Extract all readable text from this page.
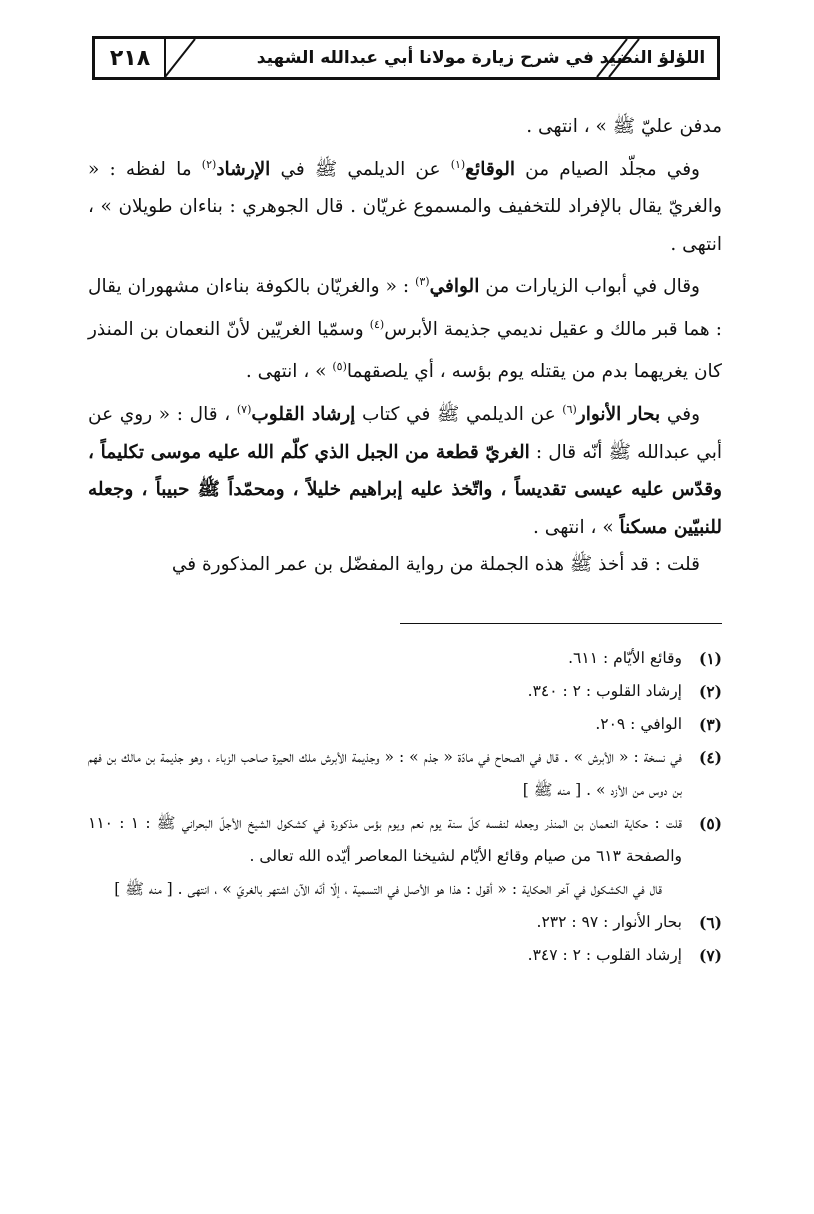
٢١٨	اللؤلؤ النضيد في شرح زيارة مولانا أبي عبدالله الشهيد

مدفن عليّ ﷺ » ، انتهى .

وفي مجلّد الصيام من الوقائع$^{(١)}$ عن الديلمي ﷺ في الإرشاد$^{(٢)}$ ما لفظه : « والغريّ يقال بالإفراد للتخفيف والمسموع غريّان . قال الجوهري : بناءان طويلان » ، انتهى .

وقال في أبواب الزيارات من الوافي$^{(٣)}$ : « والغريّان بالكوفة بناءان مشهوران يقال : هما قبر مالك و عقيل نديمي جذيمة الأبرس$^{(٤)}$ وسمّيا الغريّين لأنّ النعمان بن المنذر كان يغريهما بدم من يقتله يوم بؤسه ، أي يلصقهما$^{(٥)}$ » ، انتهى .

وفي بحار الأنوار$^{(٦)}$ عن الديلمي ﷺ في كتاب إرشاد القلوب$^{(٧)}$ ، قال : « روي عن أبي عبدالله ﷺ أنّه قال : الغريّ قطعة من الجبل الذي كلّم الله عليه موسى تكليماً ، وقدّس عليه عيسى تقديساً ، واتّخذ عليه إبراهيم خليلاً ، ومحمّداً ﷺ حبيباً ، وجعله للنبيّين مسكناً » ، انتهى .

قلت : قد أخذ ﷺ هذه الجملة من رواية المفضّل بن عمر المذكورة في

(١)
وقائع الأيّام : ٦١١.
(٢)
إرشاد القلوب : ٢ : ٣٤٠.
(٣)
الوافي : ٢٠٩.
(٤)
في نسخة : « الأبرش » . قال في الصحاح في مادّة « جذم » : « وجذيمة الأبرش ملك الحيرة صاحب الزباء ، وهو جذيمة بن مالك بن فهم بن دوس من الأزد » . [ منه ﷺ ]
(٥)
قلت : حكاية النعمان بن المنذر وجعله لنفسه كلّ سنة يوم نعم ويوم بؤس مذكورة في كشكول الشيخ الأجلّ البحراني ﷺ : ١ : ١١٠ والصفحة ٦١٣ من صيام وقائع الأيّام لشيخنا المعاصر أيّده الله تعالى .
قال في الكشكول في آخر الحكاية : « أقول : هذا هو الأصل في التسمية ، إلّا أنّه الآن اشتهر بالغريّ » ، انتهى . [ منه ﷺ ]
(٦)
بحار الأنوار : ٩٧ : ٢٣٢.
(٧)
إرشاد القلوب : ٢ : ٣٤٧.
